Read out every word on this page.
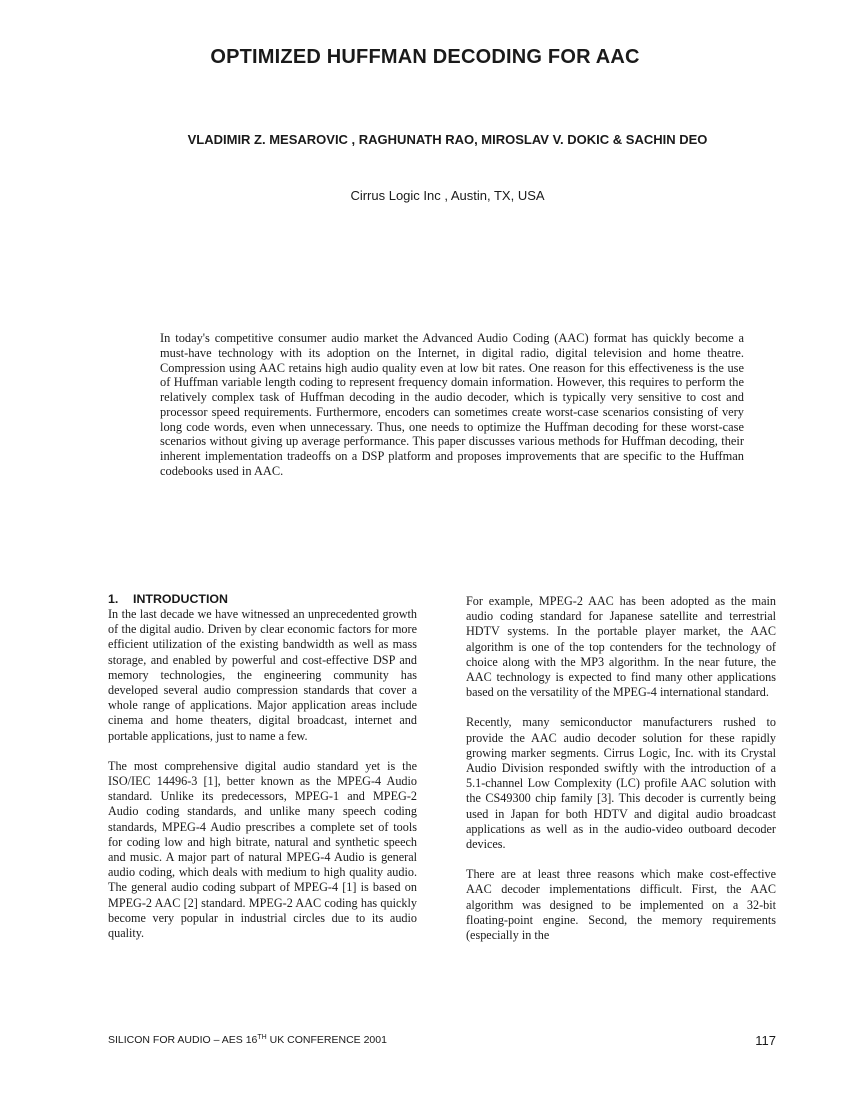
OPTIMIZED HUFFMAN DECODING FOR AAC
VLADIMIR Z. MESAROVIC , RAGHUNATH RAO, MIROSLAV V. DOKIC & SACHIN DEO
Cirrus Logic Inc , Austin, TX, USA

In today's competitive consumer audio market the Advanced Audio Coding (AAC) format has quickly become a must-have technology with its adoption on the Internet, in digital radio, digital television and home theatre. Compression using AAC retains high audio quality even at low bit rates. One reason for this effectiveness is the use of Huffman variable length coding to represent frequency domain information. However, this requires to perform the relatively complex task of Huffman decoding in the audio decoder, which is typically very sensitive to cost and processor speed requirements. Furthermore, encoders can sometimes create worst-case scenarios consisting of very long code words, even when unnecessary. Thus, one needs to optimize the Huffman decoding for these worst-case scenarios without giving up average performance. This paper discusses various methods for Huffman decoding, their inherent implementation tradeoffs on a DSP platform and proposes improvements that are specific to the Huffman codebooks used in AAC.

1. INTRODUCTION

In the last decade we have witnessed an unprecedented growth of the digital audio. Driven by clear economic factors for more efficient utilization of the existing bandwidth as well as mass storage, and enabled by powerful and cost-effective DSP and memory technologies, the engineering community has developed several audio compression standards that cover a whole range of applications. Major application areas include cinema and home theaters, digital broadcast, internet and portable applications, just to name a few.

The most comprehensive digital audio standard yet is the ISO/IEC 14496-3 [1], better known as the MPEG-4 Audio standard. Unlike its predecessors, MPEG-1 and MPEG-2 Audio coding standards, and unlike many speech coding standards, MPEG-4 Audio prescribes a complete set of tools for coding low and high bitrate, natural and synthetic speech and music. A major part of natural MPEG-4 Audio is general audio coding, which deals with medium to high quality audio. The general audio coding subpart of MPEG-4 [1] is based on MPEG-2 AAC [2] standard. MPEG-2 AAC coding has quickly become very popular in industrial circles due to its audio quality.

For example, MPEG-2 AAC has been adopted as the main audio coding standard for Japanese satellite and terrestrial HDTV systems. In the portable player market, the AAC algorithm is one of the top contenders for the technology of choice along with the MP3 algorithm. In the near future, the AAC technology is expected to find many other applications based on the versatility of the MPEG-4 international standard.

Recently, many semiconductor manufacturers rushed to provide the AAC audio decoder solution for these rapidly growing marker segments. Cirrus Logic, Inc. with its Crystal Audio Division responded swiftly with the introduction of a 5.1-channel Low Complexity (LC) profile AAC solution with the CS49300 chip family [3]. This decoder is currently being used in Japan for both HDTV and digital audio broadcast applications as well as in the audio-video outboard decoder devices.

There are at least three reasons which make cost-effective AAC decoder implementations difficult. First, the AAC algorithm was designed to be implemented on a 32-bit floating-point engine. Second, the memory requirements (especially in the

SILICON FOR AUDIO – AES 16TH UK CONFERENCE 2001	117
